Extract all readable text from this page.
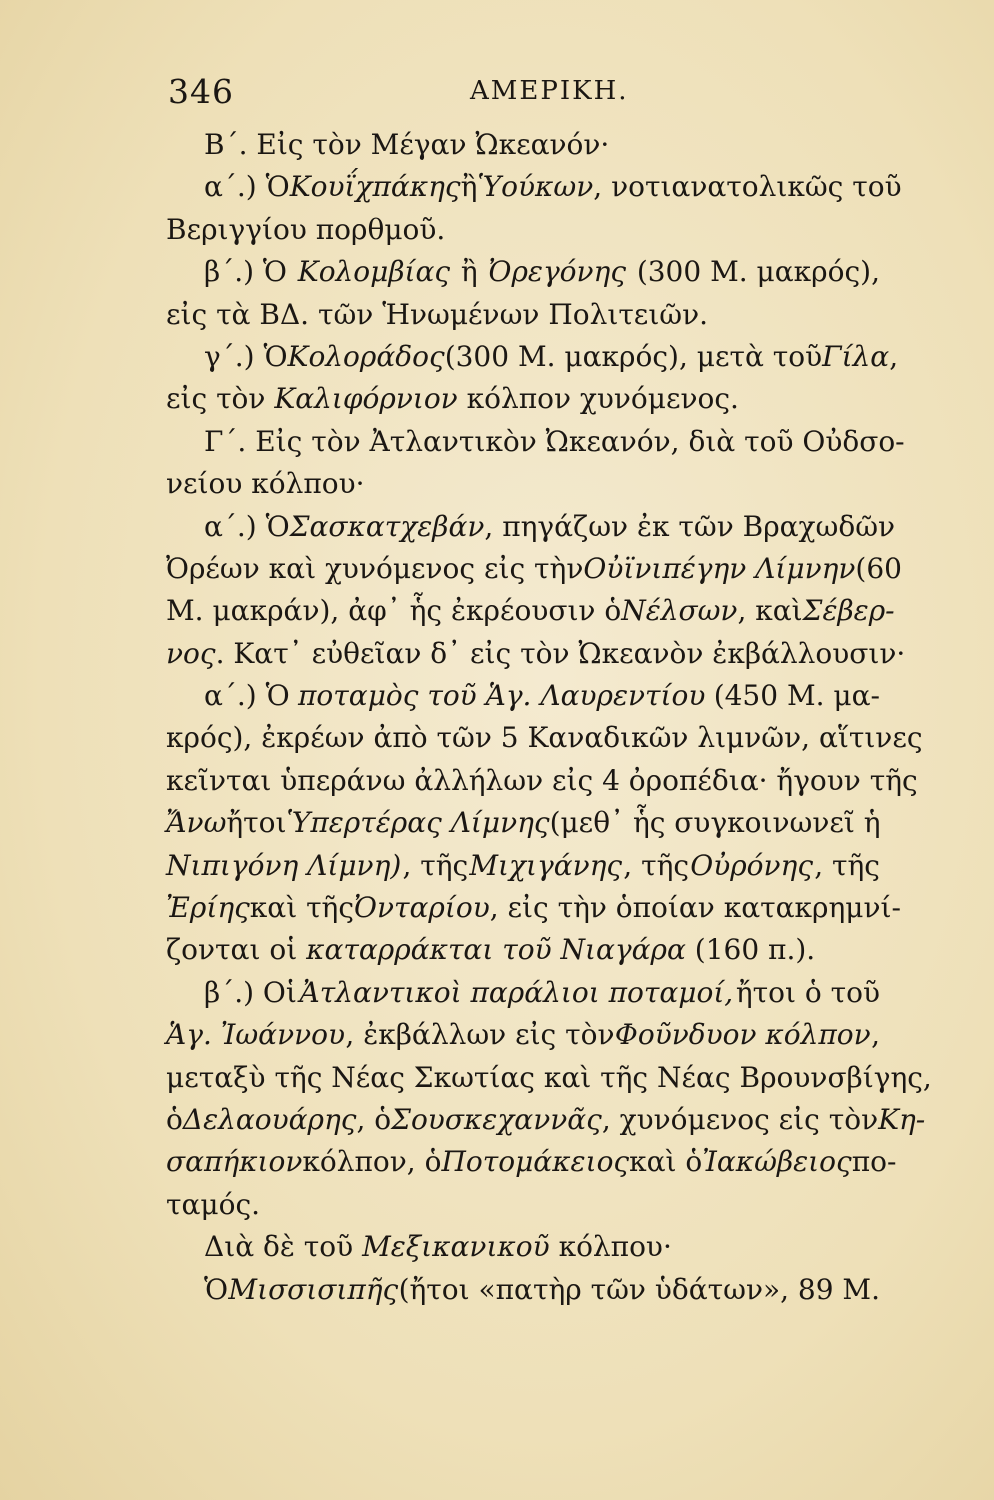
346	ΑΜΕΡΙΚΗ.
Β΄. Εἰς τὸν Μέγαν Ὠκεανόν·
α΄.) Ὁ Κουΐχπάκης ἢ Ὑούκων , νοτιανατολικῶς τοῦ
Βεριγγίου πορθμοῦ.
β΄.) Ὁ Κολομβίας ἢ Ὀρεγόνης (300 Μ. μακρός),
εἰς τὰ ΒΔ. τῶν Ἡνωμένων Πολιτειῶν.
γ΄.) Ὁ Κολοράδος (300 Μ. μακρός), μετὰ τοῦ Γίλα ,
εἰς τὸν Καλιφόρνιον κόλπον χυνόμενος.
Γ΄. Εἰς τὸν Ἀτλαντικὸν Ὠκεανόν, διὰ τοῦ Οὐδσο-
νείου κόλπου·
α΄.) Ὁ Σασκατχεβάν , πηγάζων ἐκ τῶν Βραχωδῶν
Ὀρέων καὶ χυνόμενος εἰς τὴν Οὐϊνιπέγην Λίμνην (60
Μ. μακράν), ἀφ᾽ ἧς ἐκρέουσιν ὁ Νέλσων , καὶ Σέβερ-
νος . Κατ᾽ εὐθεῖαν δ᾽ εἰς τὸν Ὠκεανὸν ἐκβάλλουσιν·
α΄.) Ὁ ποταμὸς τοῦ Ἁγ. Λαυρεντίου (450 Μ. μα-
κρός), ἐκρέων ἀπὸ τῶν 5 Καναδικῶν λιμνῶν, αἵτινες
κεῖνται ὑπεράνω ἀλλήλων εἰς 4 ὀροπέδια· ἤγουν τῆς
Ἄνω ἤτοι Ὑπερτέρας Λίμνης (μεθ᾽ ἧς συγκοινωνεῖ ἡ
Νιπιγόνη Λίμνη) , τῆς Μιχιγάνης , τῆς Οὐρόνης , τῆς
Ἐρίης καὶ τῆς Ὀνταρίου , εἰς τὴν ὁποίαν κατακρημνί-
ζονται οἱ καταρράκται τοῦ Νιαγάρα (160 π.).
β΄.) Οἱ Ἀτλαντικοὶ παράλιοι ποταμοί, ἤτοι ὁ τοῦ
Ἁγ. Ἰωάννου , ἐκβάλλων εἰς τὸν Φοῦνδυον κόλπον ,
μεταξὺ τῆς Νέας Σκωτίας καὶ τῆς Νέας Βρουνσβίγης,
ὁ Δελαουάρης , ὁ Σουσκεχαννᾶς , χυνόμενος εἰς τὸν Κη-
σαπήκιον κόλπον, ὁ Ποτομάκειος καὶ ὁ Ἰακώβειος πο-
ταμός.
Διὰ δὲ τοῦ Μεξικανικοῦ κόλπου·
Ὁ Μισσισιπῆς (ἤτοι «πατὴρ τῶν ὑδάτων», 89 Μ.
